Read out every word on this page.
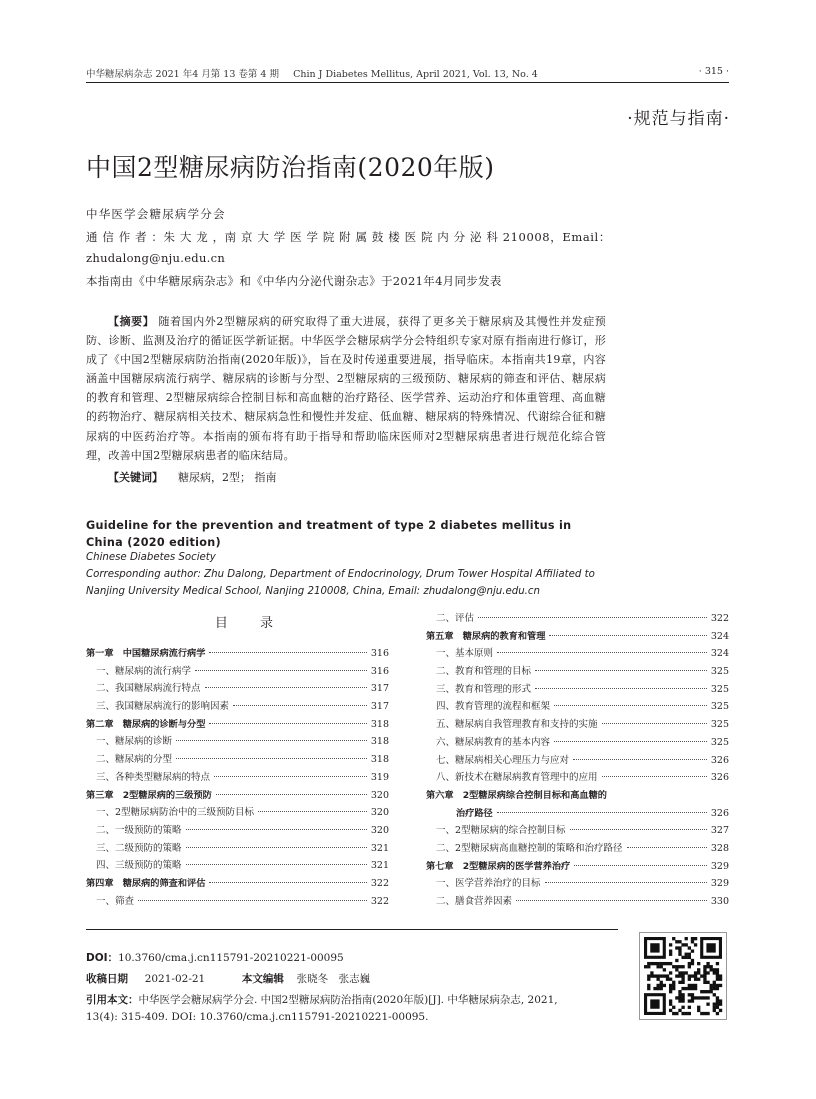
中华糖尿病杂志 2021 年4 月第 13 卷第 4 期 Chin J Diabetes Mellitus, April 2021, Vol. 13, No. 4	· 315 ·
·规范与指南·
中国2型糖尿病防治指南(2020年版)
中华医学会糖尿病学分会
通 信 作 者 ：朱 大 龙 ，南 京 大 学 医 学 院 附 属 鼓 楼 医 院 内 分 泌 科 210008，Email：
zhudalong@nju.edu.cn
本指南由《中华糖尿病杂志》和《中华内分泌代谢杂志》于2021年4月同步发表
【摘要】 随着国内外2型糖尿病的研究取得了重大进展，获得了更多关于糖尿病及其慢性并发症预防、诊断、监测及治疗的循证医学新证据。中华医学会糖尿病学分会特组织专家对原有指南进行修订，形成了《中国2型糖尿病防治指南(2020年版)》，旨在及时传递重要进展，指导临床。本指南共19章，内容涵盖中国糖尿病流行病学、糖尿病的诊断与分型、2型糖尿病的三级预防、糖尿病的筛查和评估、糖尿病的教育和管理、2型糖尿病综合控制目标和高血糖的治疗路径、医学营养、运动治疗和体重管理、高血糖的药物治疗、糖尿病相关技术、糖尿病急性和慢性并发症、低血糖、糖尿病的特殊情况、代谢综合征和糖尿病的中医药治疗等。本指南的颁布将有助于指导和帮助临床医师对2型糖尿病患者进行规范化综合管理，改善中国2型糖尿病患者的临床结局。
【关键词】 糖尿病，2型； 指南
Guideline for the prevention and treatment of type 2 diabetes mellitus in China (2020 edition)
Chinese Diabetes Society
Corresponding author: Zhu Dalong, Department of Endocrinology, Drum Tower Hospital Affiliated to
Nanjing University Medical School, Nanjing 210008, China, Email: zhudalong@nju.edu.cn
目 录
第一章　中国糖尿病流行病学	316
一、糖尿病的流行病学	316
二、我国糖尿病流行特点	317
三、我国糖尿病流行的影响因素	317
第二章　糖尿病的诊断与分型	318
一、糖尿病的诊断	318
二、糖尿病的分型	318
三、各种类型糖尿病的特点	319
第三章　2型糖尿病的三级预防	320
一、2型糖尿病防治中的三级预防目标	320
二、一级预防的策略	320
三、二级预防的策略	321
四、三级预防的策略	321
第四章　糖尿病的筛查和评估	322
一、筛查	322
二、评估	322
第五章　糖尿病的教育和管理	324
一、基本原则	324
二、教育和管理的目标	325
三、教育和管理的形式	325
四、教育管理的流程和框架	325
五、糖尿病自我管理教育和支持的实施	325
六、糖尿病教育的基本内容	325
七、糖尿病相关心理压力与应对	326
八、新技术在糖尿病教育管理中的应用	326
第六章　2型糖尿病综合控制目标和高血糖的
治疗路径	326
一、2型糖尿病的综合控制目标	327
二、2型糖尿病高血糖控制的策略和治疗路径	328
第七章　2型糖尿病的医学营养治疗	329
一、医学营养治疗的目标	329
二、膳食营养因素	330
DOI：10.3760/cma.j.cn115791-20210221-00095
收稿日期 2021-02-21	本文编辑 张晓冬　张志巍
引用本文：中华医学会糖尿病学分会. 中国2型糖尿病防治指南(2020年版)[J]. 中华糖尿病杂志, 2021,
13(4): 315-409. DOI: 10.3760/cma.j.cn115791-20210221-00095.
